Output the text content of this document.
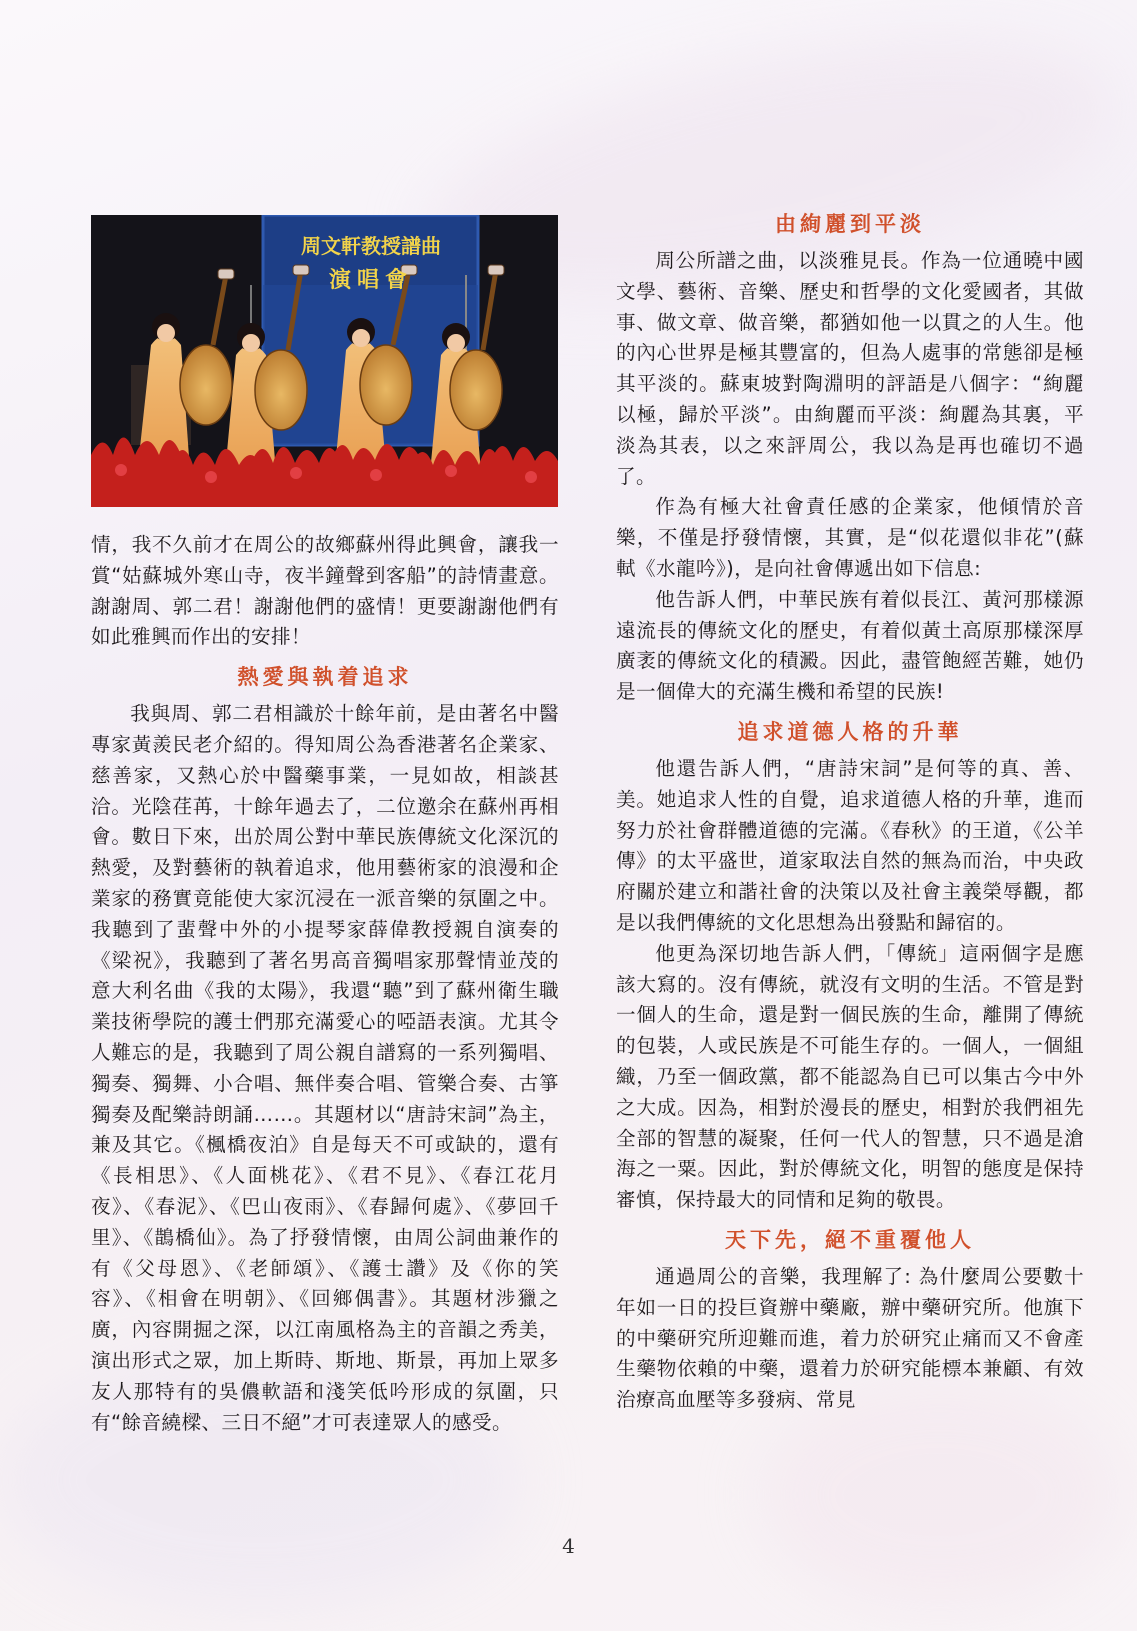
周文軒教授譜曲
演唱會

情，我不久前才在周公的故鄉蘇州得此興會，讓我一賞“姑蘇城外寒山寺，夜半鐘聲到客船”的詩情畫意。謝謝周、郭二君！謝謝他們的盛情！更要謝謝他們有如此雅興而作出的安排！

熱愛與執着追求

我與周、郭二君相識於十餘年前，是由著名中醫專家黃羨民老介紹的。得知周公為香港著名企業家、慈善家，又熱心於中醫藥事業，一見如故，相談甚洽。光陰荏苒，十餘年過去了，二位邀余在蘇州再相會。數日下來，出於周公對中華民族傳統文化深沉的熱愛，及對藝術的執着追求，他用藝術家的浪漫和企業家的務實竟能使大家沉浸在一派音樂的氛圍之中。我聽到了蜚聲中外的小提琴家薛偉教授親自演奏的《梁祝》，我聽到了著名男高音獨唱家那聲情並茂的意大利名曲《我的太陽》，我還“聽”到了蘇州衛生職業技術學院的護士們那充滿愛心的啞語表演。尤其令人難忘的是，我聽到了周公親自譜寫的一系列獨唱、獨奏、獨舞、小合唱、無伴奏合唱、管樂合奏、古箏獨奏及配樂詩朗誦……。其題材以“唐詩宋詞”為主，兼及其它。《楓橋夜泊》自是每天不可或缺的，還有《長相思》、《人面桃花》、《君不見》、《春江花月夜》、《春泥》、《巴山夜雨》、《春歸何處》、《夢回千里》、《鵲橋仙》。為了抒發情懷，由周公詞曲兼作的有《父母恩》、《老師頌》、《護士讚》及《你的笑容》、《相會在明朝》、《回鄉偶書》。其題材涉獵之廣，內容開掘之深，以江南風格為主的音韻之秀美，演出形式之眾，加上斯時、斯地、斯景，再加上眾多友人那特有的吳儂軟語和淺笑低吟形成的氛圍，只有“餘音繞樑、三日不絕”才可表達眾人的感受。

由絢麗到平淡

周公所譜之曲，以淡雅見長。作為一位通曉中國文學、藝術、音樂、歷史和哲學的文化愛國者，其做事、做文章、做音樂，都猶如他一以貫之的人生。他的內心世界是極其豐富的，但為人處事的常態卻是極其平淡的。蘇東坡對陶淵明的評語是八個字：“絢麗以極，歸於平淡”。由絢麗而平淡：絢麗為其裏，平淡為其表，以之來評周公，我以為是再也確切不過了。

作為有極大社會責任感的企業家，他傾情於音樂，不僅是抒發情懷，其實，是“似花還似非花”(蘇軾《水龍吟》)，是向社會傳遞出如下信息:

他告訴人們，中華民族有着似長江、黃河那樣源遠流長的傳統文化的歷史，有着似黃土高原那樣深厚廣袤的傳統文化的積澱。因此，盡管飽經苦難，她仍是一個偉大的充滿生機和希望的民族!

追求道德人格的升華

他還告訴人們，“唐詩宋詞”是何等的真、善、美。她追求人性的自覺，追求道德人格的升華，進而努力於社會群體道德的完滿。《春秋》的王道，《公羊傳》的太平盛世，道家取法自然的無為而治，中央政府關於建立和諧社會的決策以及社會主義榮辱觀，都是以我們傳統的文化思想為出發點和歸宿的。

他更為深切地告訴人們，「傳統」這兩個字是應該大寫的。沒有傳統，就沒有文明的生活。不管是對一個人的生命，還是對一個民族的生命，離開了傳統的包裝，人或民族是不可能生存的。一個人，一個組織，乃至一個政黨，都不能認為自已可以集古今中外之大成。因為，相對於漫長的歷史，相對於我們祖先全部的智慧的凝聚，任何一代人的智慧，只不過是滄海之一粟。因此，對於傳統文化，明智的態度是保持審慎，保持最大的同情和足夠的敬畏。

天下先，絕不重覆他人

通過周公的音樂，我理解了: 為什麼周公要數十年如一日的投巨資辦中藥廠，辦中藥研究所。他旗下的中藥研究所迎難而進，着力於研究止痛而又不會產生藥物依賴的中藥，還着力於研究能標本兼顧、有效治療高血壓等多發病、常見

4
